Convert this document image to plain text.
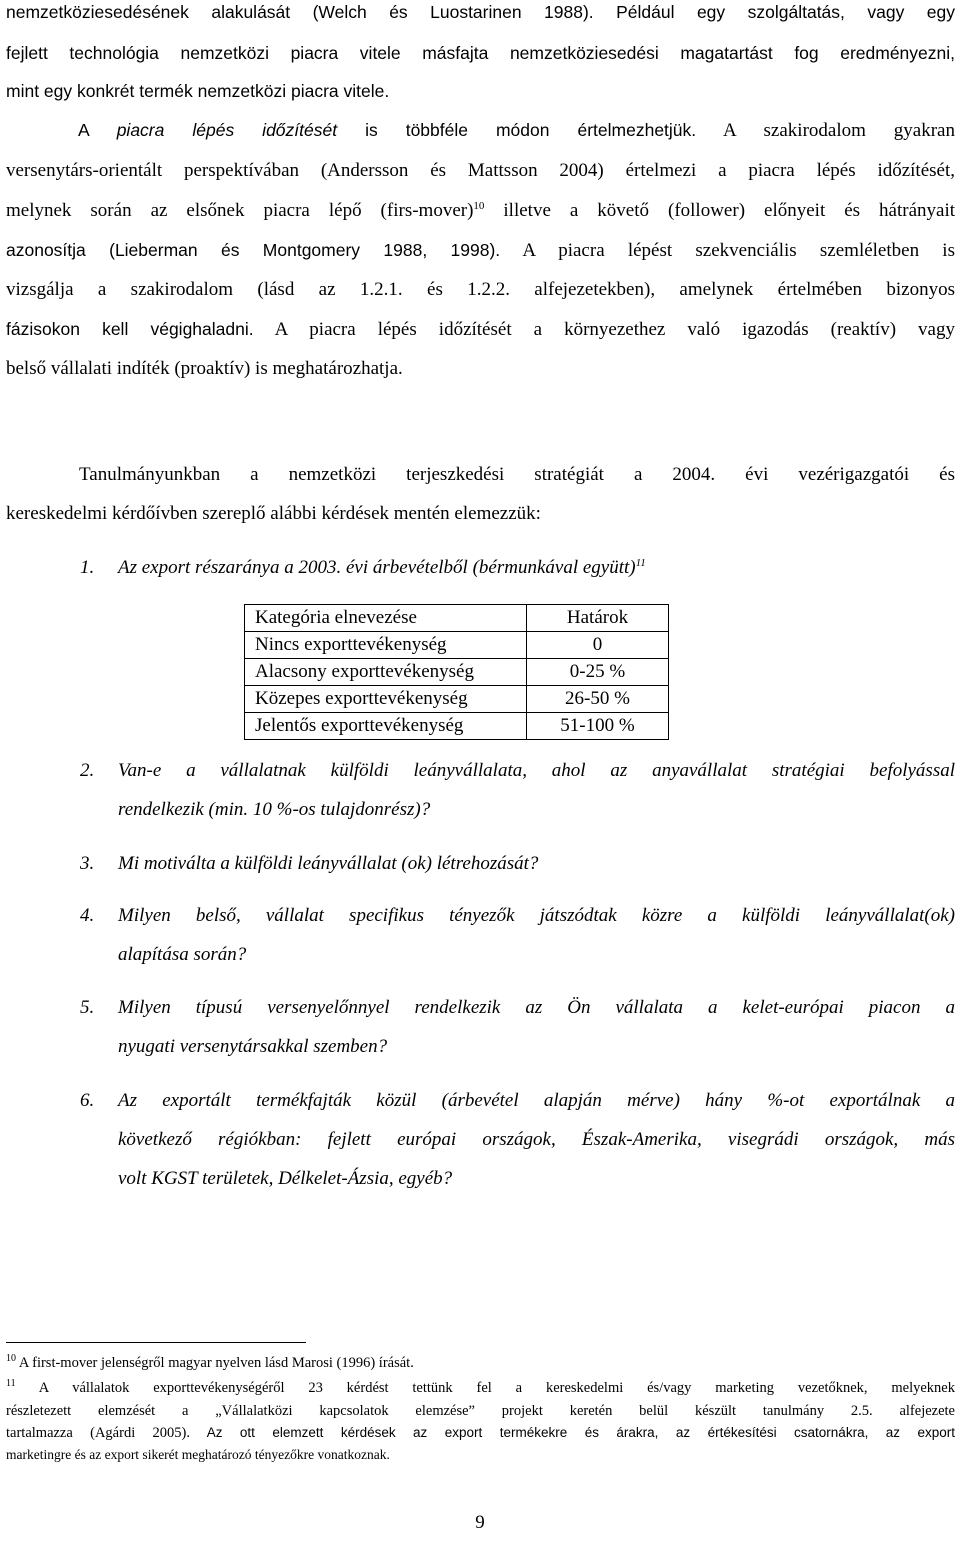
nemzetköziesedésének alakulását (Welch és Luostarinen 1988). Például egy szolgáltatás, vagy egy
fejlett technológia nemzetközi piacra vitele másfajta nemzetköziesedési magatartást fog eredményezni,
mint egy konkrét termék nemzetközi piacra vitele.
A piacra lépés időzítését is többféle módon értelmezhetjük. A szakirodalom gyakran
versenytárs-orientált perspektívában (Andersson és Mattsson 2004) értelmezi a piacra lépés időzítését,
melynek során az elsőnek piacra lépő (firs-mover)$^{10}$ illetve a követő (follower) előnyeit és hátrányait
azonosítja (Lieberman és Montgomery 1988, 1998). A piacra lépést szekvenciális szemléletben is
vizsgálja a szakirodalom (lásd az 1.2.1. és 1.2.2. alfejezetekben), amelynek értelmében bizonyos
fázisokon kell végighaladni. A piacra lépés időzítését a környezethez való igazodás (reaktív) vagy
belső vállalati indíték (proaktív) is meghatározhatja.
Tanulmányunkban a nemzetközi terjeszkedési stratégiát a 2004. évi vezérigazgatói és
kereskedelmi kérdőívben szereplő alábbi kérdések mentén elemezzük:
1. Az export részaránya a 2003. évi árbevételből (bérmunkával együtt)$^{11}$
Kategória elnevezése	Határok
Nincs exporttevékenység	0
Alacsony exporttevékenység	0-25 %
Közepes exporttevékenység	26-50 %
Jelentős exporttevékenység	51-100 %
2. Van-e a vállalatnak külföldi leányvállalata, ahol az anyavállalat stratégiai befolyással
rendelkezik (min. 10 %-os tulajdonrész)?
3. Mi motiválta a külföldi leányvállalat (ok) létrehozását?
4. Milyen belső, vállalat specifikus tényezők játszódtak közre a külföldi leányvállalat(ok)
alapítása során?
5. Milyen típusú versenyelőnnyel rendelkezik az Ön vállalata a kelet-európai piacon a
nyugati versenytársakkal szemben?
6. Az exportált termékfajták közül (árbevétel alapján mérve) hány %-ot exportálnak a
következő régiókban: fejlett európai országok, Észak-Amerika, visegrádi országok, más
volt KGST területek, Délkelet-Ázsia, egyéb?
$^{10}$ A first-mover jelenségről magyar nyelven lásd Marosi (1996) írását.
$^{11}$ A vállalatok exporttevékenységéről 23 kérdést tettünk fel a kereskedelmi és/vagy marketing vezetőknek, melyeknek
részletezett elemzését a „Vállalatközi kapcsolatok elemzése” projekt keretén belül készült tanulmány 2.5. alfejezete
tartalmazza (Agárdi 2005). Az ott elemzett kérdések az export termékekre és árakra, az értékesítési csatornákra, az export
marketingre és az export sikerét meghatározó tényezőkre vonatkoznak.
9
